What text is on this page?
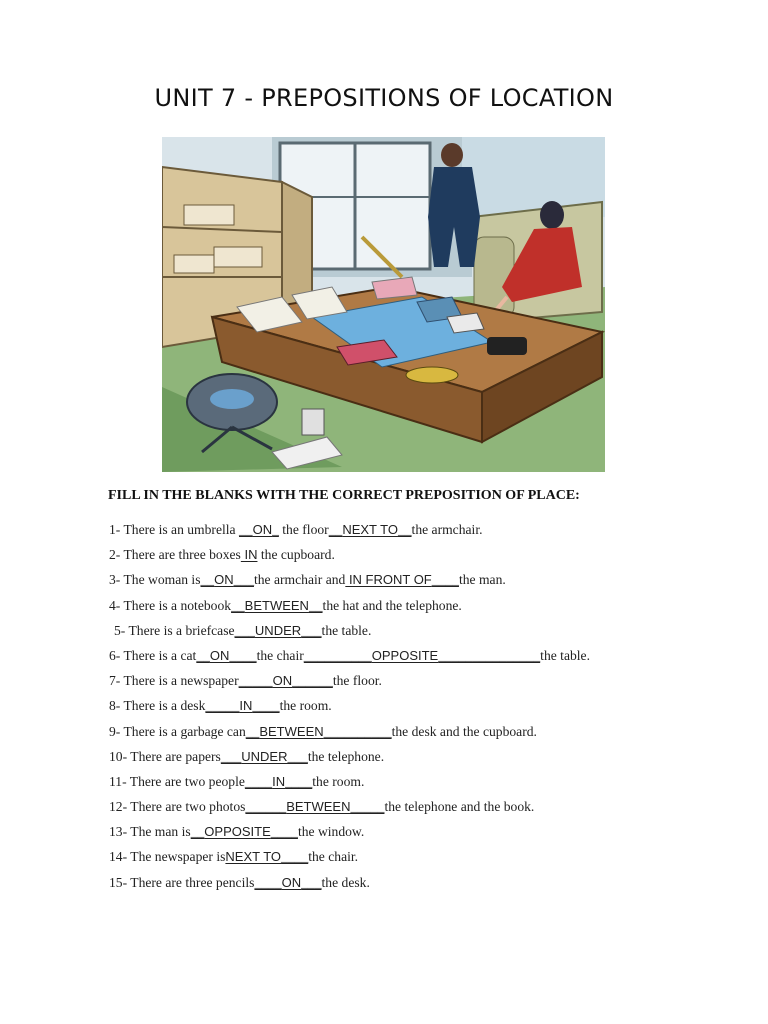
UNIT 7 - PREPOSITIONS OF LOCATION
FILL IN THE BLANKS WITH THE CORRECT PREPOSITION OF PLACE:
1- There is an umbrella __ON_ the floor__NEXT TO__the armchair.
2- There are three boxes IN the cupboard.
3- The woman is__ON___the armchair and IN FRONT OF____the man.
4- There is a notebook__BETWEEN__the hat and the telephone.
5- There is a briefcase___UNDER___the table.
6- There is a cat__ON____the chair__________OPPOSITE_______________the table.
7- There is a newspaper_____ON______the floor.
8- There is a desk_____IN____the room.
9- There is a garbage can__BETWEEN__________the desk and the cupboard.
10- There are papers___UNDER___the telephone.
11- There are two people____IN____the room.
12- There are two photos______BETWEEN_____the telephone and the book.
13- The man is__OPPOSITE____the window.
14- The newspaper isNEXT TO____the chair.
15- There are three pencils____ON___the desk.
